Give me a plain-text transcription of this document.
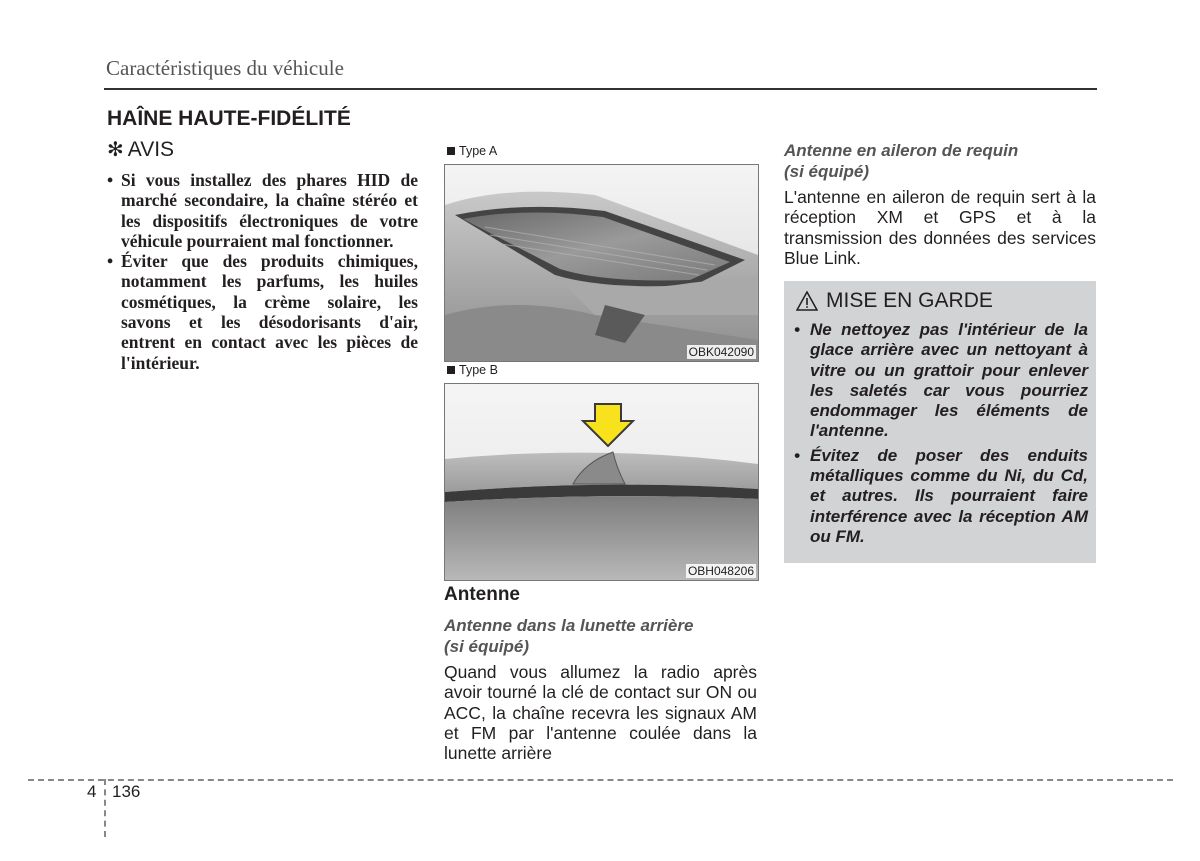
Caractéristiques du véhicule
HAÎNE HAUTE-FIDÉLITÉ
✻ AVIS
• Si vous installez des phares HID de marché secondaire, la chaîne stéréo et les dispositifs électroniques de votre véhicule pourraient mal fonctionner.
• Éviter que des produits chimiques, notamment les parfums, les huiles cosmétiques, la crème solaire, les savons et les désodorisants d'air, entrent en contact avec les pièces de l'intérieur.
Type A
OBK042090
Type B
OBH048206
Antenne
Antenne dans la lunette arrière
(si équipé)
Quand vous allumez la radio après avoir tourné la clé de contact sur ON ou ACC, la chaîne recevra les signaux AM et FM par l'antenne coulée dans la lunette arrière
Antenne en aileron de requin
(si équipé)
L'antenne en aileron de requin sert à la réception XM et GPS et à la transmission des données des services Blue Link.
MISE EN GARDE
• Ne nettoyez pas l'intérieur de la glace arrière avec un nettoyant à vitre ou un grattoir pour enlever les saletés car vous pourriez endommager les éléments de l'antenne.
• Évitez de poser des enduits métalliques comme du Ni, du Cd, et autres. Ils pourraient faire interférence avec la réception AM ou FM.
4 136
